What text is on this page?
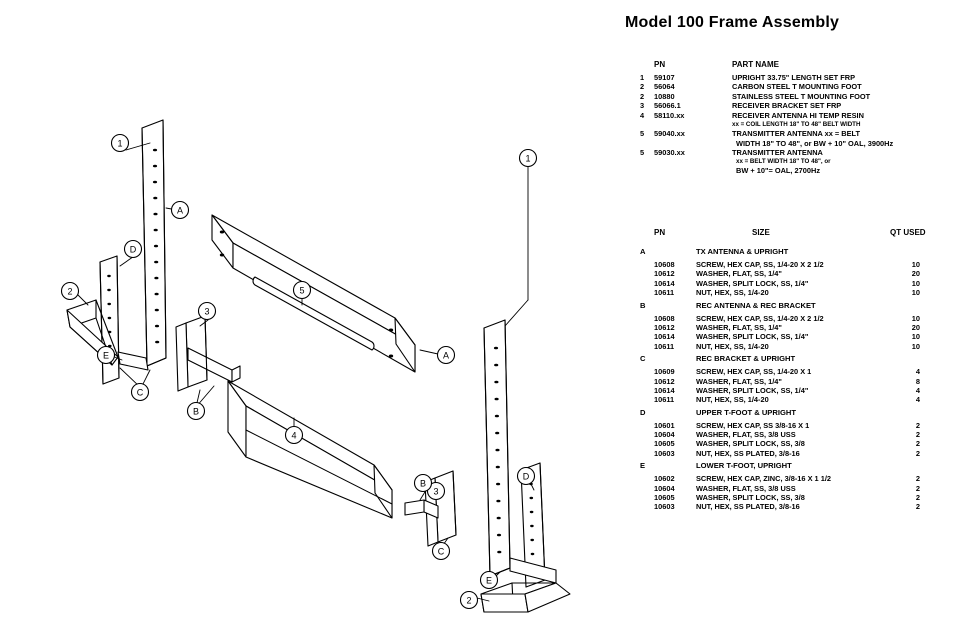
1
A
D
2
E
C
3
B
5
4
A
1
3
B
C
D
E
2
Model 100 Frame Assembly
PN	PART NAME
1	59107	UPRIGHT 33.75" LENGTH SET FRP
2	56064	CARBON STEEL T MOUNTING FOOT
2	10880	STAINLESS STEEL T MOUNTING FOOT
3	56066.1	RECEIVER BRACKET SET FRP
4	58110.xx	RECEIVER ANTENNA HI TEMP RESIN
xx = COIL LENGTH 18" TO 48" BELT WIDTH
5	59040.xx	TRANSMITTER ANTENNA xx = BELT
WIDTH 18" TO 48", or BW + 10" OAL, 3900Hz
5	59030.xx	TRANSMITTER ANTENNA
xx = BELT WIDTH 18" TO 48", or
BW + 10"= OAL, 2700Hz
PN	SIZE	QT USED
A	TX ANTENNA & UPRIGHT
10608	SCREW, HEX CAP, SS, 1/4-20 X 2 1/2	10
10612	WASHER, FLAT, SS, 1/4"	20
10614	WASHER, SPLIT LOCK, SS, 1/4"	10
10611	NUT, HEX, SS, 1/4-20	10
B	REC ANTENNA & REC BRACKET
10608	SCREW, HEX CAP, SS, 1/4-20 X 2 1/2	10
10612	WASHER, FLAT, SS, 1/4"	20
10614	WASHER, SPLIT LOCK, SS, 1/4"	10
10611	NUT, HEX, SS, 1/4-20	10
C	REC BRACKET & UPRIGHT
10609	SCREW, HEX CAP, SS, 1/4-20 X 1	4
10612	WASHER, FLAT, SS, 1/4"	8
10614	WASHER, SPLIT LOCK, SS, 1/4"	4
10611	NUT, HEX, SS, 1/4-20	4
D	UPPER T-FOOT & UPRIGHT
10601	SCREW, HEX CAP, SS 3/8-16 X 1	2
10604	WASHER, FLAT, SS, 3/8 USS	2
10605	WASHER, SPLIT LOCK, SS, 3/8	2
10603	NUT, HEX, SS PLATED, 3/8-16	2
E	LOWER T-FOOT, UPRIGHT
10602	SCREW, HEX CAP, ZINC, 3/8-16 X 1 1/2	2
10604	WASHER, FLAT, SS, 3/8 USS	2
10605	WASHER, SPLIT LOCK, SS, 3/8	2
10603	NUT, HEX, SS PLATED, 3/8-16	2
